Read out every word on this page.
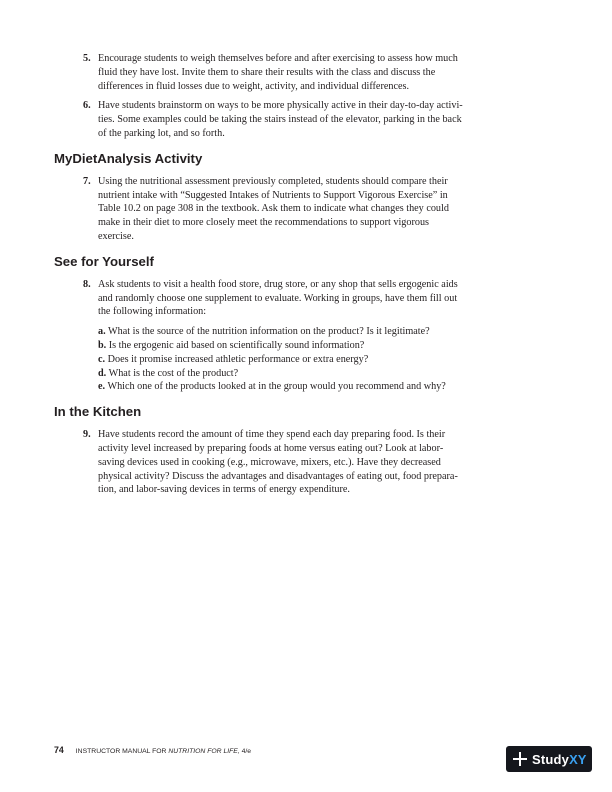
5. Encourage students to weigh themselves before and after exercising to assess how much
fluid they have lost. Invite them to share their results with the class and discuss the
differences in fluid losses due to weight, activity, and individual differences.
6. Have students brainstorm on ways to be more physically active in their day-to-day activi-
ties. Some examples could be taking the stairs instead of the elevator, parking in the back
of the parking lot, and so forth.
MyDietAnalysis Activity
7. Using the nutritional assessment previously completed, students should compare their
nutrient intake with “Suggested Intakes of Nutrients to Support Vigorous Exercise” in
Table 10.2 on page 308 in the textbook. Ask them to indicate what changes they could
make in their diet to more closely meet the recommendations to support vigorous
exercise.
See for Yourself
8. Ask students to visit a health food store, drug store, or any shop that sells ergogenic aids
and randomly choose one supplement to evaluate. Working in groups, have them fill out
the following information:
a. What is the source of the nutrition information on the product? Is it legitimate?
b. Is the ergogenic aid based on scientifically sound information?
c. Does it promise increased athletic performance or extra energy?
d. What is the cost of the product?
e. Which one of the products looked at in the group would you recommend and why?
In the Kitchen
9. Have students record the amount of time they spend each day preparing food. Is their
activity level increased by preparing foods at home versus eating out? Look at labor-
saving devices used in cooking (e.g., microwave, mixers, etc.). Have they decreased
physical activity? Discuss the advantages and disadvantages of eating out, food prepara-
tion, and labor-saving devices in terms of energy expenditure.
74 INSTRUCTOR MANUAL FOR NUTRITION FOR LIFE, 4/e	Study XY
